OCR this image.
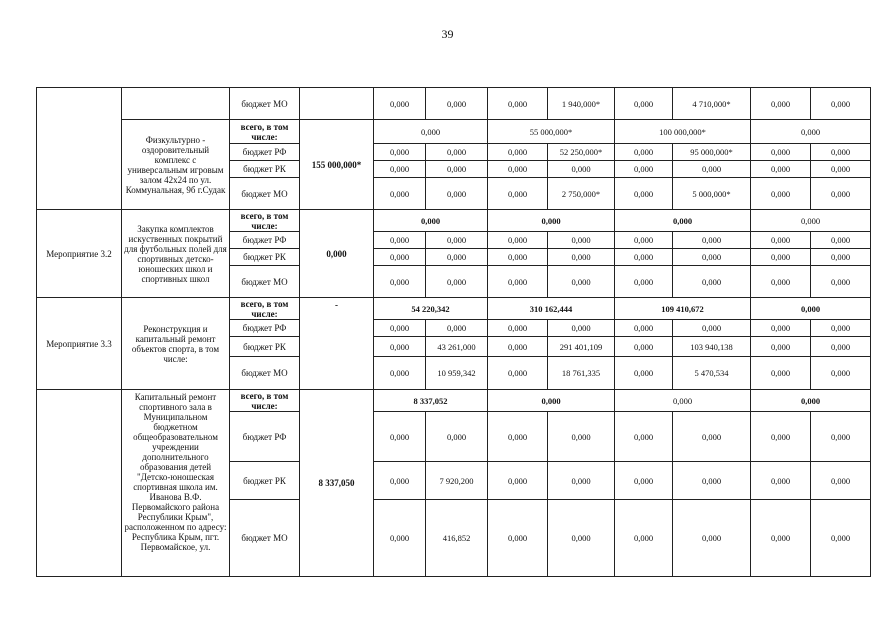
39
		бюджет МО		0,000	0,000	0,000	1 940,000*	0,000	4 710,000*	0,000	0,000
	Физкультурно - оздоровительный комплекс с универсальным игровым залом 42х24 по ул. Коммунальная, 9б г.Судак	всего, в том числе:	155 000,000*	0,000		55 000,000*		100 000,000*		0,000	
		бюджет РФ		0,000	0,000	0,000	52 250,000*	0,000	95 000,000*	0,000	0,000
		бюджет РК		0,000	0,000	0,000	0,000	0,000	0,000	0,000	0,000
		бюджет МО		0,000	0,000	0,000	2 750,000*	0,000	5 000,000*	0,000	0,000
Мероприятие 3.2	Закупка комплектов искуственных покрытий для футбольных полей для спортивных детско-юношеских школ и спортивных школ	всего, в том числе:	0,000	0,000		0,000		0,000		0,000	
		бюджет РФ		0,000	0,000	0,000	0,000	0,000	0,000	0,000	0,000
		бюджет РК		0,000	0,000	0,000	0,000	0,000	0,000	0,000	0,000
		бюджет МО		0,000	0,000	0,000	0,000	0,000	0,000	0,000	0,000
Мероприятие 3.3	Реконструкция и капитальный ремонт объектов спорта, в том числе:	всего, в том числе:	-	54 220,342		310 162,444		109 410,672		0,000	
		бюджет РФ		0,000	0,000	0,000	0,000	0,000	0,000	0,000	0,000
		бюджет РК		0,000	43 261,000	0,000	291 401,109	0,000	103 940,138	0,000	0,000
		бюджет МО		0,000	10 959,342	0,000	18 761,335	0,000	5 470,534	0,000	0,000
	Капитальный ремонт спортивного зала в Муниципальном бюджетном общеобразовательном учреждении дополнительного образования детей "Детско-юношеская спортивная школа им. Иванова В.Ф. Первомайского района Республики Крым", расположенном по адресу: Республика Крым, пгт. Первомайское, ул.	всего, в том числе:	8 337,050	8 337,052		0,000		0,000		0,000	
		бюджет РФ		0,000	0,000	0,000	0,000	0,000	0,000	0,000	0,000
		бюджет РК		0,000	7 920,200	0,000	0,000	0,000	0,000	0,000	0,000
		бюджет МО		0,000	416,852	0,000	0,000	0,000	0,000	0,000	0,000
